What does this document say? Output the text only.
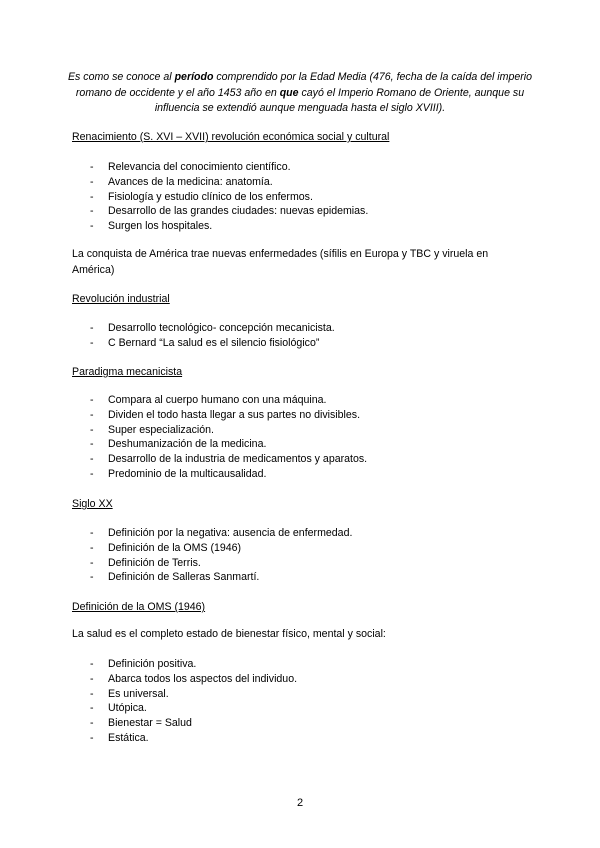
Es como se conoce al período comprendido por la Edad Media (476, fecha de la caída del imperio romano de occidente y el año 1453 año en que cayó el Imperio Romano de Oriente, aunque su influencia se extendió aunque menguada hasta el siglo XVIII).
Renacimiento (S. XVI – XVII) revolución económica social y cultural
- Relevancia del conocimiento científico.
- Avances de la medicina: anatomía.
- Fisiología y estudio clínico de los enfermos.
- Desarrollo de las grandes ciudades: nuevas epidemias.
- Surgen los hospitales.
La conquista de América trae nuevas enfermedades (sífilis en Europa y TBC y viruela en América)
Revolución industrial
- Desarrollo tecnológico- concepción mecanicista.
- C Bernard “La salud es el silencio fisiológico”
Paradigma mecanicista
- Compara al cuerpo humano con una máquina.
- Dividen el todo hasta llegar a sus partes no divisibles.
- Super especialización.
- Deshumanización de la medicina.
- Desarrollo de la industria de medicamentos y aparatos.
- Predominio de la multicausalidad.
Siglo XX
- Definición por la negativa: ausencia de enfermedad.
- Definición de la OMS (1946)
- Definición de Terris.
- Definición de Salleras Sanmartí.
Definición de la OMS (1946)
La salud es el completo estado de bienestar físico, mental y social:
- Definición positiva.
- Abarca todos los aspectos del individuo.
- Es universal.
- Utópica.
- Bienestar = Salud
- Estática.
2
